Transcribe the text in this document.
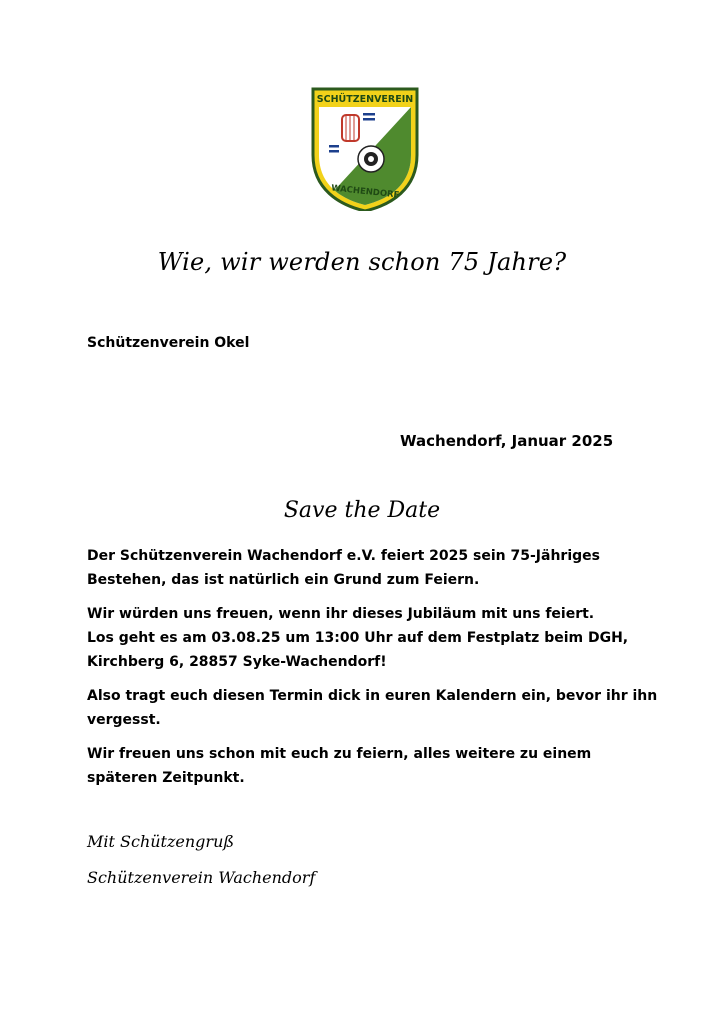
SCHÜTZENVEREIN
WACHENDORF
Wie, wir werden schon 75 Jahre?
Schützenverein Okel
Wachendorf, Januar 2025
Save the Date

Der Schützenverein Wachendorf e.V. feiert 2025 sein 75-Jähriges
Bestehen, das ist natürlich ein Grund zum Feiern.

Wir würden uns freuen, wenn ihr dieses Jubiläum mit uns feiert.
Los geht es am 03.08.25 um 13:00 Uhr auf dem Festplatz beim DGH,
Kirchberg 6, 28857 Syke-Wachendorf!

Also tragt euch diesen Termin dick in euren Kalendern ein, bevor ihr ihn
vergesst.

Wir freuen uns schon mit euch zu feiern, alles weitere zu einem
späteren Zeitpunkt.

Mit Schützengruß
Schützenverein Wachendorf
